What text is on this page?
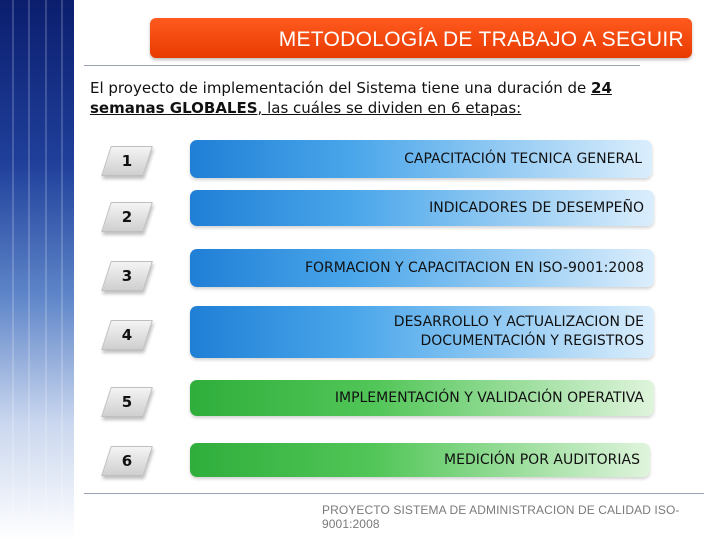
METODOLOGÍA DE TRABAJO A SEGUIR
El proyecto de implementación del Sistema tiene una duración de 24
semanas GLOBALES, las cuáles se dividen en 6 etapas:
1	CAPACITACIÓN TECNICA GENERAL
2
INDICADORES DE DESEMPEÑO
3	FORMACION Y CAPACITACION EN ISO-9001:2008
4
DESARROLLO Y ACTUALIZACION DE
DOCUMENTACIÓN Y REGISTROS
5	IMPLEMENTACIÓN Y VALIDACIÓN OPERATIVA
6	MEDICIÓN POR AUDITORIAS
PROYECTO SISTEMA DE ADMINISTRACION DE CALIDAD ISO-9001:2008
